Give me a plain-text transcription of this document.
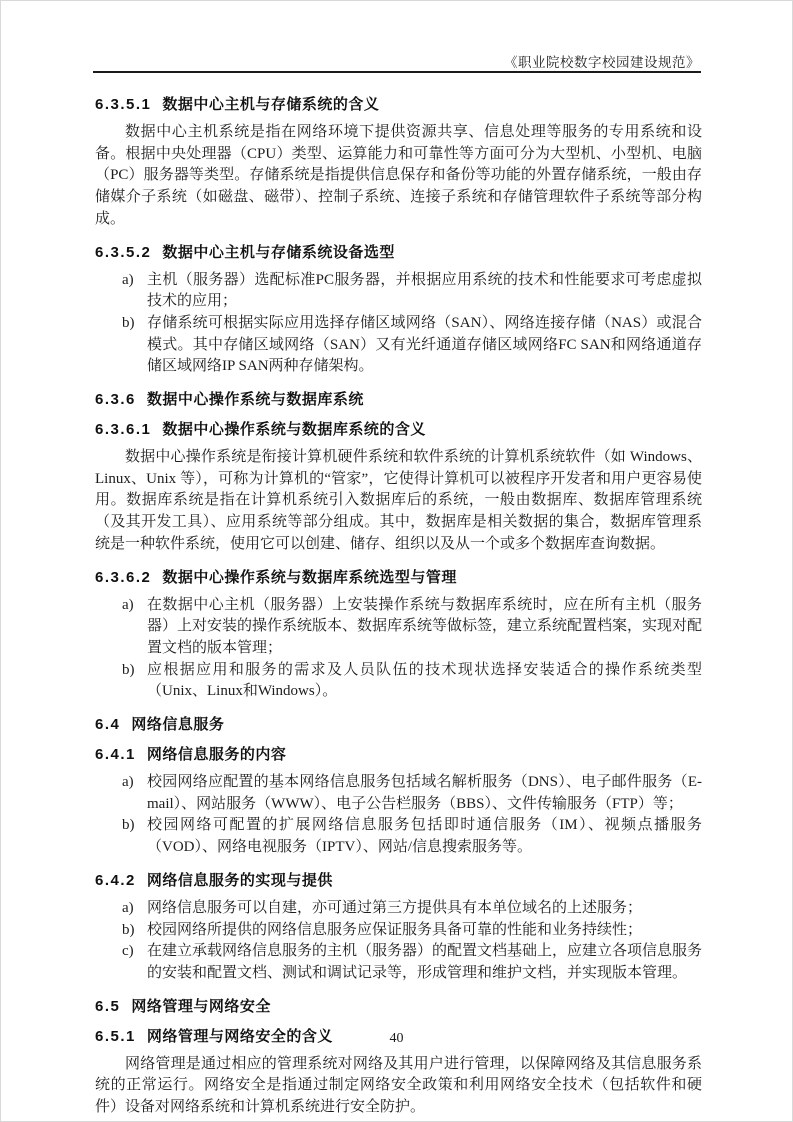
《职业院校数字校园建设规范》
6.3.5.1 数据中心主机与存储系统的含义

数据中心主机系统是指在网络环境下提供资源共享、信息处理等服务的专用系统和设备。根据中央处理器（CPU）类型、运算能力和可靠性等方面可分为大型机、小型机、电脑（PC）服务器等类型。存储系统是指提供信息保存和备份等功能的外置存储系统，一般由存储媒介子系统（如磁盘、磁带）、控制子系统、连接子系统和存储管理软件子系统等部分构成。

6.3.5.2 数据中心主机与存储系统设备选型
a) 主机（服务器）选配标准PC服务器，并根据应用系统的技术和性能要求可考虑虚拟技术的应用；
b) 存储系统可根据实际应用选择存储区域网络（SAN）、网络连接存储（NAS）或混合模式。其中存储区域网络（SAN）又有光纤通道存储区域网络FC SAN和网络通道存储区域网络IP SAN两种存储架构。
6.3.6 数据中心操作系统与数据库系统
6.3.6.1 数据中心操作系统与数据库系统的含义

数据中心操作系统是衔接计算机硬件系统和软件系统的计算机系统软件（如 Windows、Linux、Unix 等），可称为计算机的“管家”，它使得计算机可以被程序开发者和用户更容易使用。数据库系统是指在计算机系统引入数据库后的系统，一般由数据库、数据库管理系统（及其开发工具）、应用系统等部分组成。其中，数据库是相关数据的集合，数据库管理系统是一种软件系统，使用它可以创建、储存、组织以及从一个或多个数据库查询数据。

6.3.6.2 数据中心操作系统与数据库系统选型与管理
a) 在数据中心主机（服务器）上安装操作系统与数据库系统时，应在所有主机（服务器）上对安装的操作系统版本、数据库系统等做标签，建立系统配置档案，实现对配置文档的版本管理；
b) 应根据应用和服务的需求及人员队伍的技术现状选择安装适合的操作系统类型（Unix、Linux和Windows）。
6.4 网络信息服务
6.4.1 网络信息服务的内容
a) 校园网络应配置的基本网络信息服务包括域名解析服务（DNS）、电子邮件服务（E-mail）、网站服务（WWW）、电子公告栏服务（BBS）、文件传输服务（FTP）等；
b) 校园网络可配置的扩展网络信息服务包括即时通信服务（IM）、视频点播服务（VOD）、网络电视服务（IPTV）、网站/信息搜索服务等。
6.4.2 网络信息服务的实现与提供
a) 网络信息服务可以自建，亦可通过第三方提供具有本单位域名的上述服务；
b) 校园网络所提供的网络信息服务应保证服务具备可靠的性能和业务持续性；
c) 在建立承载网络信息服务的主机（服务器）的配置文档基础上，应建立各项信息服务的安装和配置文档、测试和调试记录等，形成管理和维护文档，并实现版本管理。
6.5 网络管理与网络安全
6.5.1 网络管理与网络安全的含义

网络管理是通过相应的管理系统对网络及其用户进行管理，以保障网络及其信息服务系统的正常运行。网络安全是指通过制定网络安全政策和利用网络安全技术（包括软件和硬件）设备对网络系统和计算机系统进行安全防护。

40
